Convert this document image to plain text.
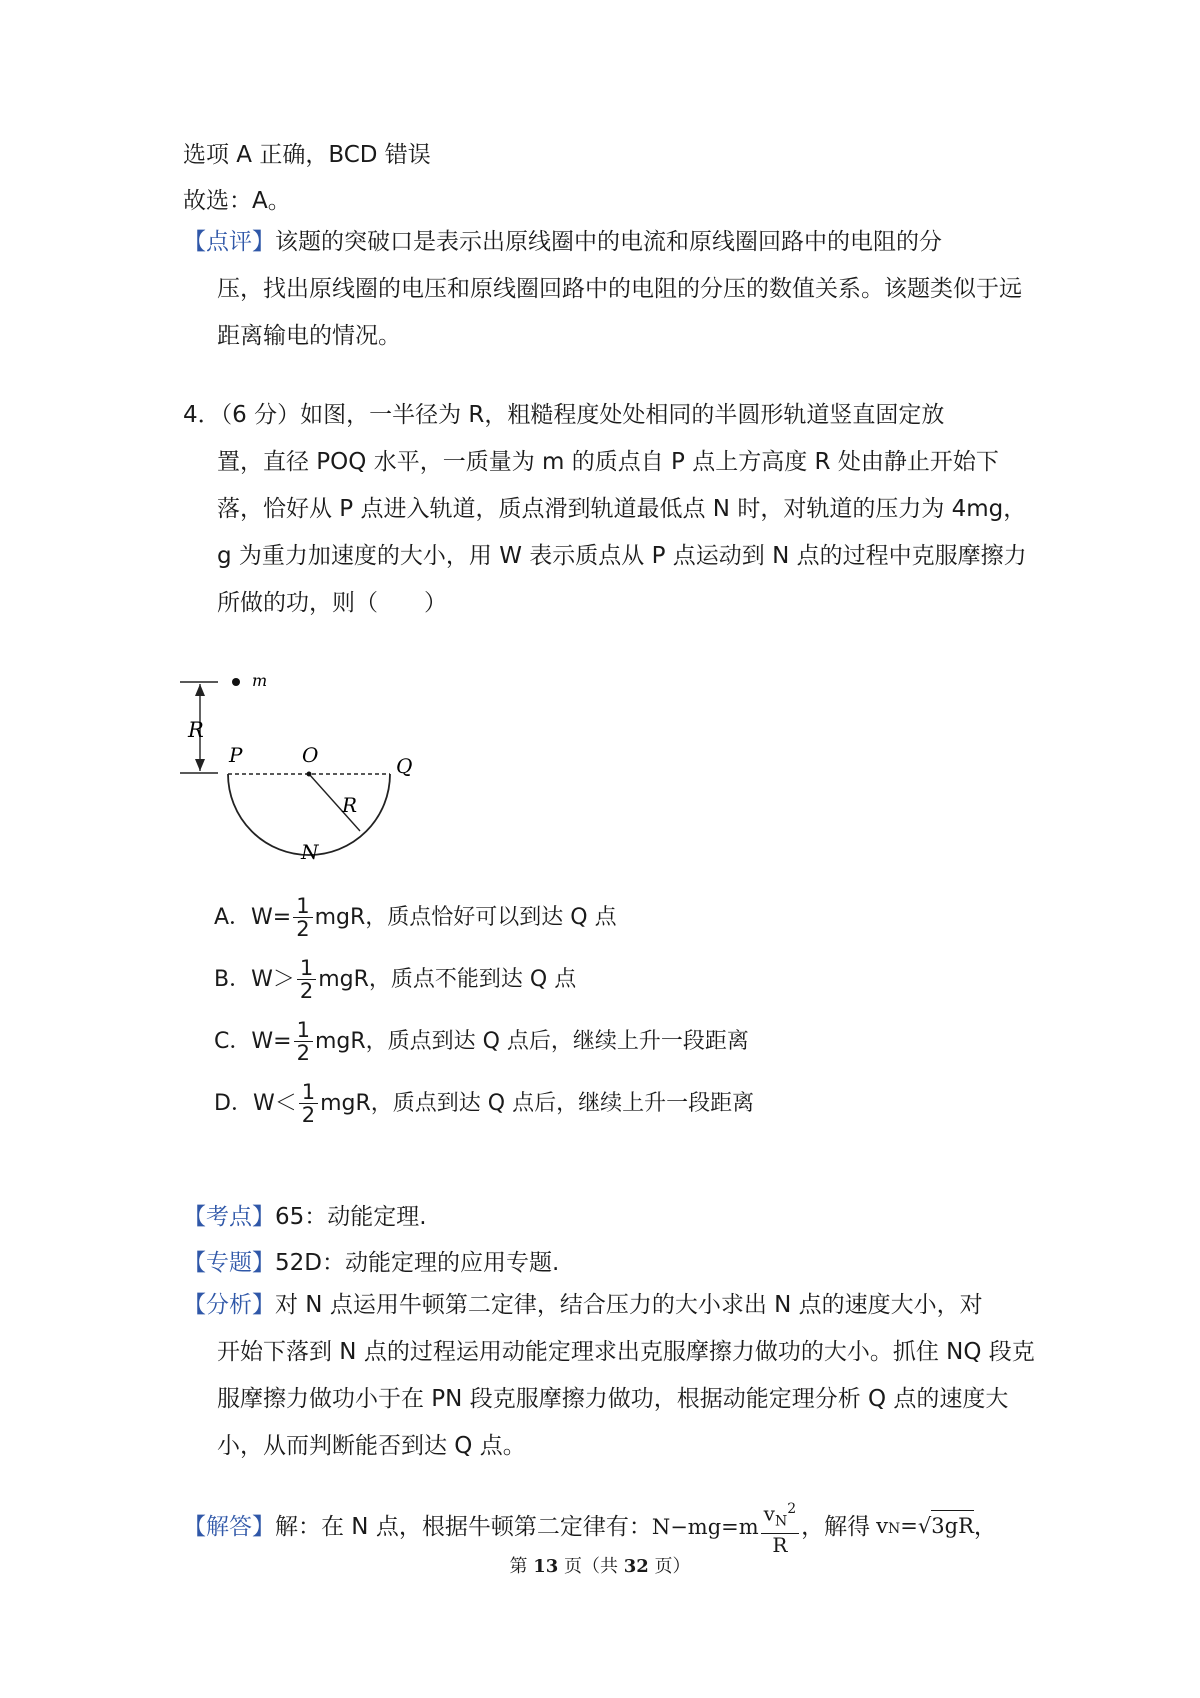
选项 A 正确，BCD 错误
故选：A。
【点评】该题的突破口是表示出原线圈中的电流和原线圈回路中的电阻的分
压，找出原线圈的电压和原线圈回路中的电阻的分压的数值关系。该题类似于远距离输电的情况。
4．（6 分）如图，一半径为 R，粗糙程度处处相同的半圆形轨道竖直固定放
置，直径 POQ 水平，一质量为 m 的质点自 P 点上方高度 R 处由静止开始下落，恰好从 P 点进入轨道，质点滑到轨道最低点 N 时，对轨道的压力为 4mg，g 为重力加速度的大小，用 W 表示质点从 P 点运动到 N 点的过程中克服摩擦力所做的功，则（　　）
m
R
P	O	Q
R
N
A．$W= \frac{1}{2}$ mgR，质点恰好可以到达 Q 点
B．$W> \frac{1}{2}$ mgR，质点不能到达 Q 点
C．$W= \frac{1}{2}$ mgR，质点到达 Q 点后，继续上升一段距离
D．$W< \frac{1}{2}$ mgR，质点到达 Q 点后，继续上升一段距离
【考点】65：动能定理.
【专题】52D：动能定理的应用专题.
【分析】对 N 点运用牛顿第二定律，结合压力的大小求出 N 点的速度大小，对
开始下落到 N 点的过程运用动能定理求出克服摩擦力做功的大小。抓住 NQ 段克服摩擦力做功小于在 PN 段克服摩擦力做功，根据动能定理分析 Q 点的速度大小，从而判断能否到达 Q 点。
【解答】 解：在 N 点，根据牛顿第二定律有： $N-mg=m \frac{v_N^2}{R}$ ，解得 v N = √ 3gR ，
第 13 页（共 32 页）
